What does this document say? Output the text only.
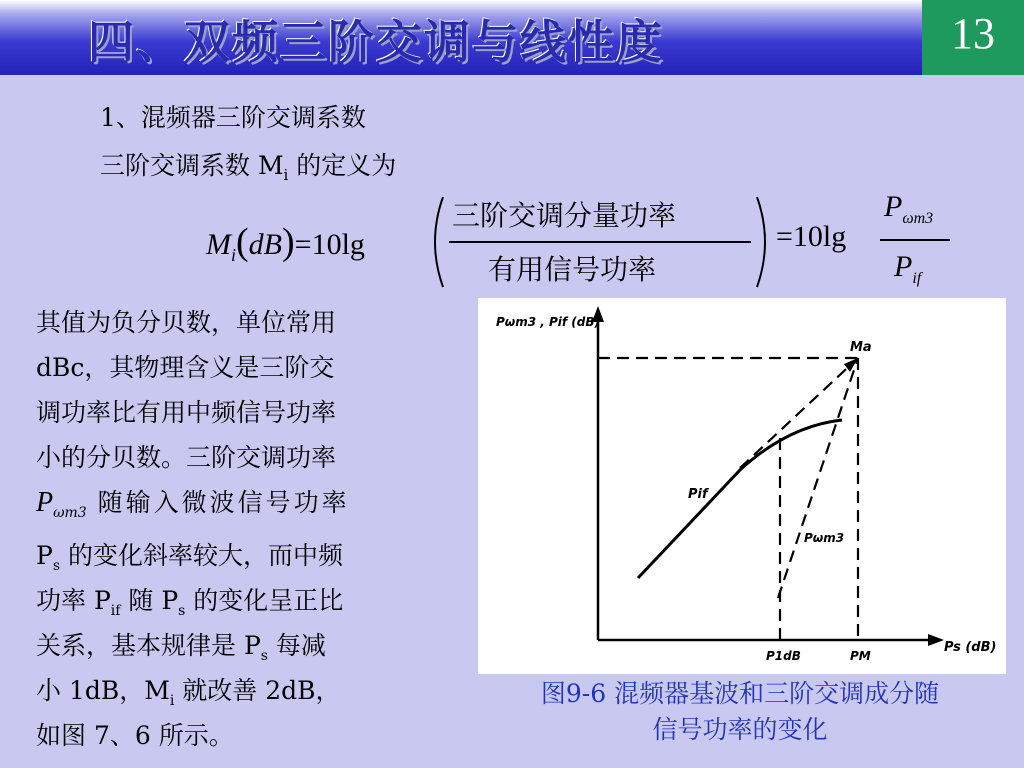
四、双频三阶交调与线性度	13
1、混频器三阶交调系数
三阶交调系数 $M_i$ 的定义为
$M_i(dB)=10\lg$
三阶交调分量功率
有用信号功率
=10lg
$P_{\omega m3}$
$P_{if}$
其值为负分贝数，单位常用
dBc，其物理含义是三阶交
调功率比有用中频信号功率
小的分贝数。三阶交调功率
$P_{\omega m3}$ 随输入微波信号功率
$P_s$ 的变化斜率较大，而中频
功率 $P_{if}$ 随 $P_s$ 的变化呈正比
关系，基本规律是 $P_s$ 每减
小 1dB，$M_i$ 就改善 2dB，
如图 7、6 所示。
Pωm3 , Pif (dB)
Ps (dB)
Ma
Pif
Pωm3
P1dB	PM
图9-6 混频器基波和三阶交调成分随
信号功率的变化
